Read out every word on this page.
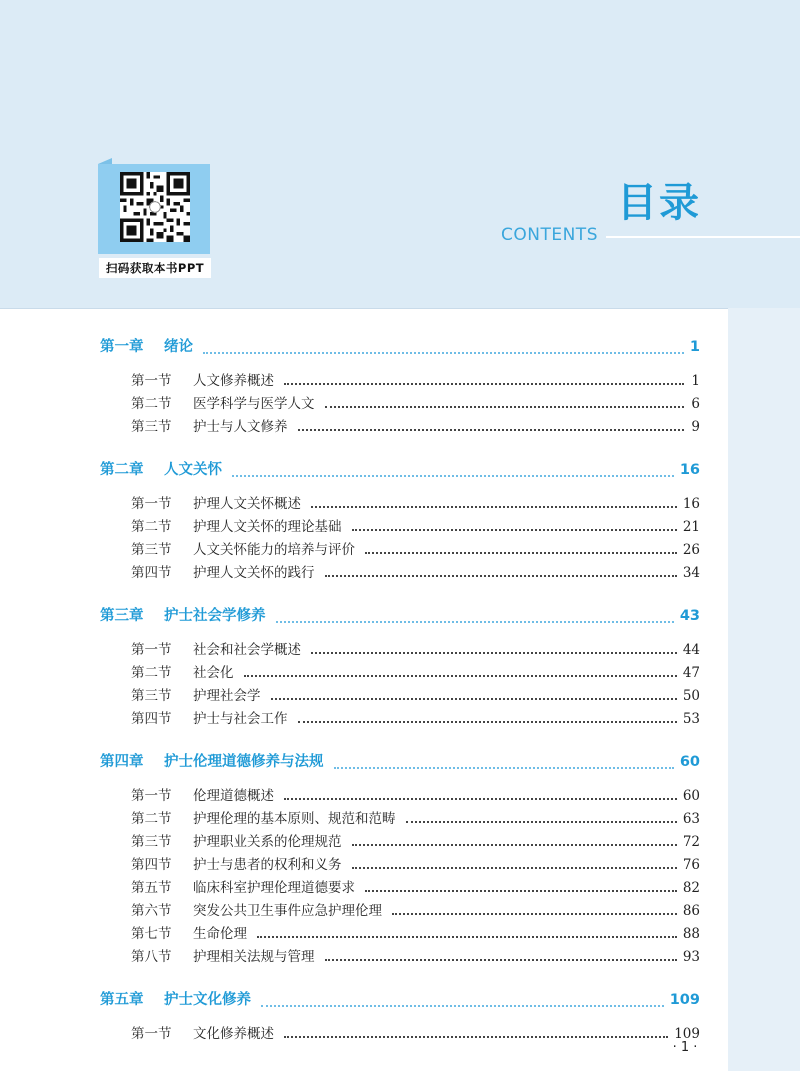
扫码获取本书PPT
目录
CONTENTS
第一章 绪论	1
第一节 人文修养概述	1
第二节 医学科学与医学人文	6
第三节 护士与人文修养	9
第二章 人文关怀	16
第一节 护理人文关怀概述	16
第二节 护理人文关怀的理论基础	21
第三节 人文关怀能力的培养与评价	26
第四节 护理人文关怀的践行	34
第三章 护士社会学修养	43
第一节 社会和社会学概述	44
第二节 社会化	47
第三节 护理社会学	50
第四节 护士与社会工作	53
第四章 护士伦理道德修养与法规	60
第一节 伦理道德概述	60
第二节 护理伦理的基本原则、规范和范畴	63
第三节 护理职业关系的伦理规范	72
第四节 护士与患者的权利和义务	76
第五节 临床科室护理伦理道德要求	82
第六节 突发公共卫生事件应急护理伦理	86
第七节 生命伦理	88
第八节 护理相关法规与管理	93
第五章 护士文化修养	109
第一节 文化修养概述	109
· 1 ·
